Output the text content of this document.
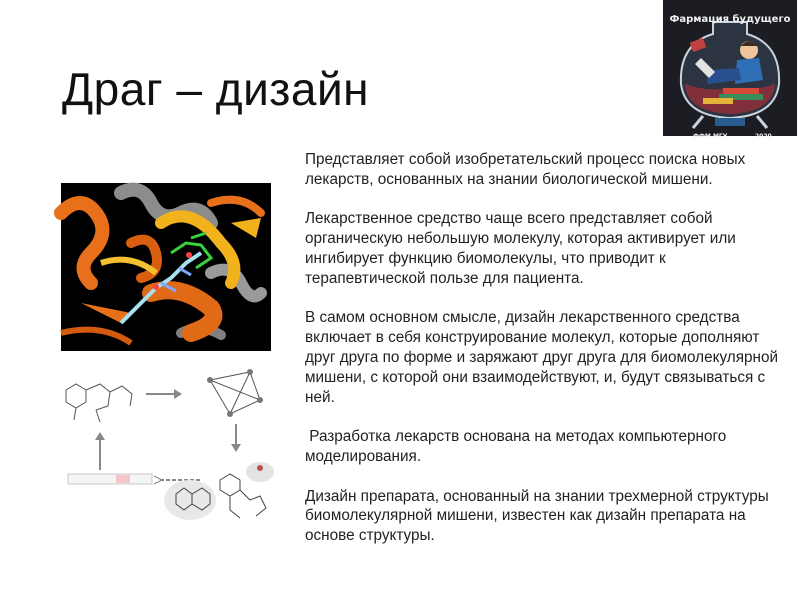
Драг – дизайн
Фармация будущего
ФФМ МГУ	2020

Представляет собой изобретательский процесс поиска новых лекарств, основанных на знании биологической мишени.

Лекарственное средство чаще всего представляет собой органическую небольшую молекулу, которая активирует или ингибирует функцию биомолекулы, что приводит к терапевтической пользе для пациента.

В самом основном смысле, дизайн лекарственного средства включает в себя конструирование молекул, которые дополняют друг друга по форме и заряжают друг друга для биомолекулярной мишени, с которой они взаимодействуют, и, будут связываться с ней.

Разработка лекарств основана на методах компьютерного моделирования.

Дизайн препарата, основанный на знании трехмерной структуры биомолекулярной мишени, известен как дизайн препарата на основе структуры.
